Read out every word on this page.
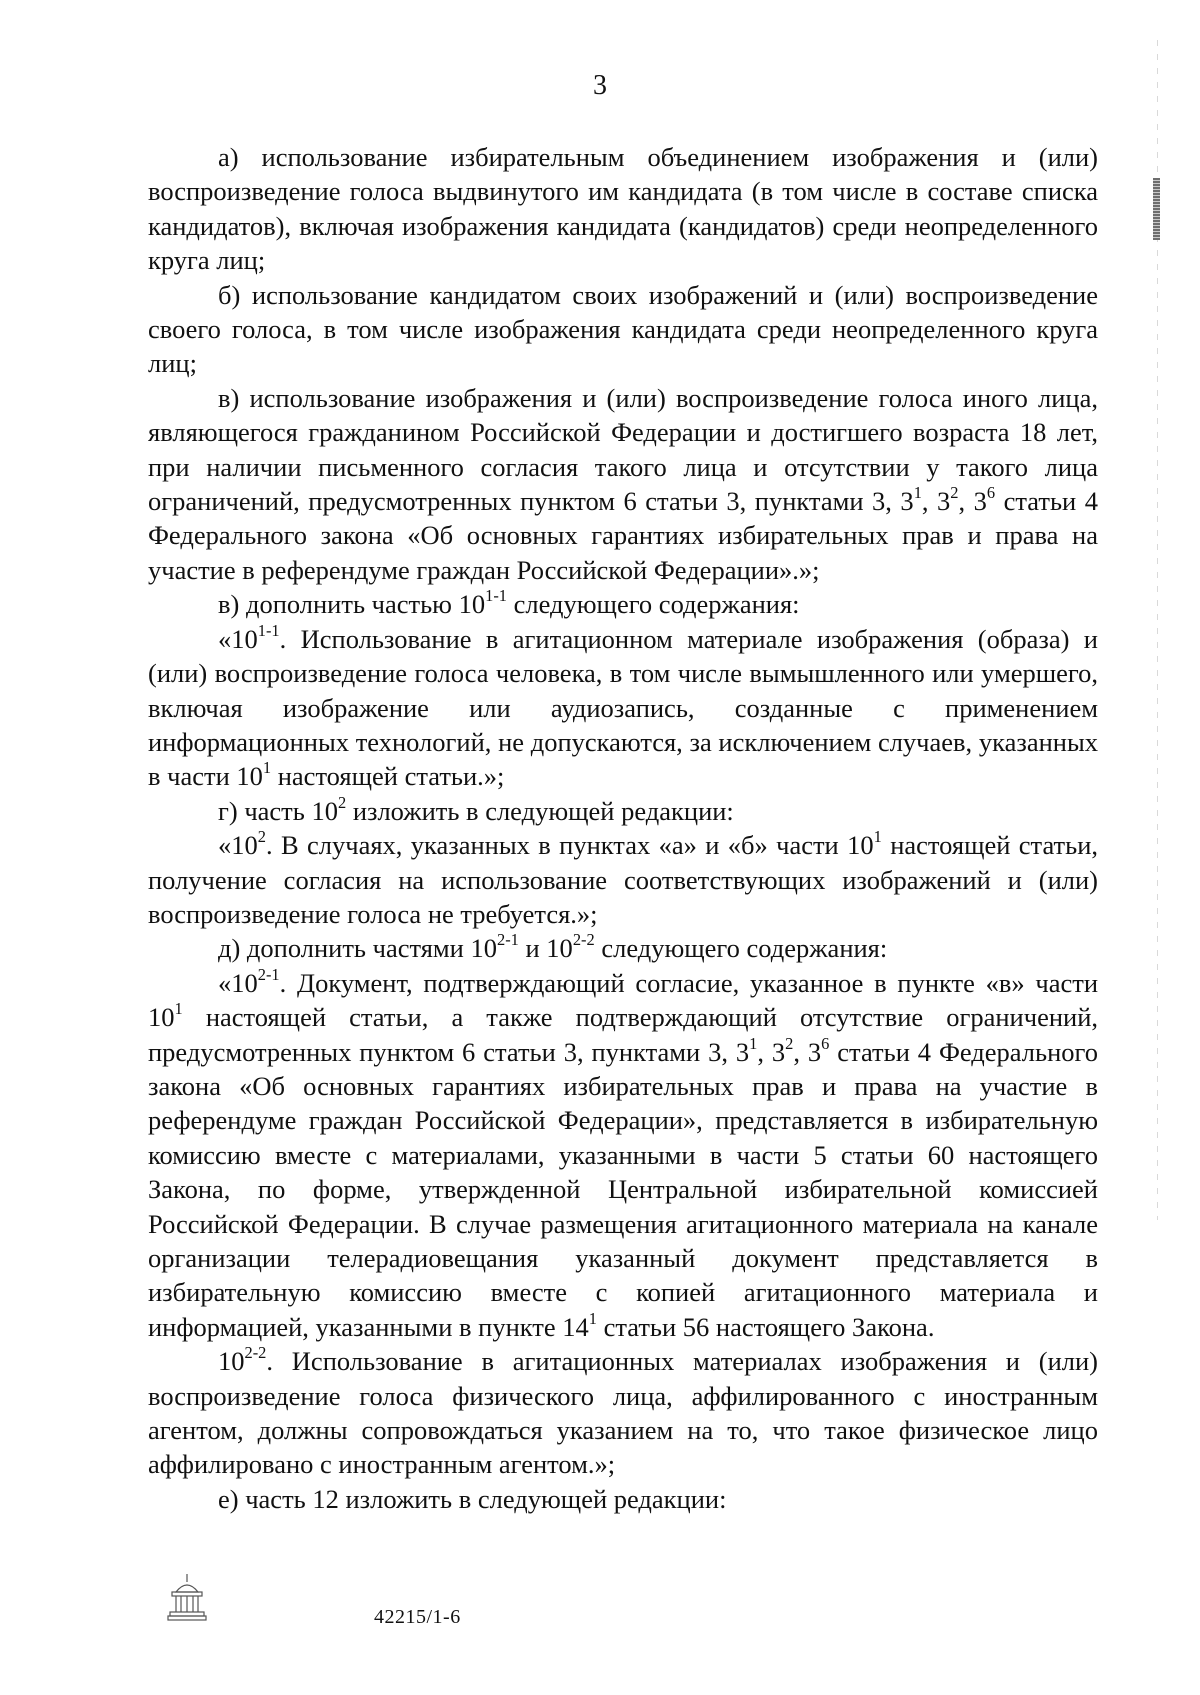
3

а) использование избирательным объединением изображения и (или) воспроизведение голоса выдвинутого им кандидата (в том числе в составе списка кандидатов), включая изображения кандидата (кандидатов) среди неопределенного круга лиц;

б) использование кандидатом своих изображений и (или) воспроизведение своего голоса, в том числе изображения кандидата среди неопределенного круга лиц;

в) использование изображения и (или) воспроизведение голоса иного лица, являющегося гражданином Российской Федерации и достигшего возраста 18 лет, при наличии письменного согласия такого лица и отсутствии у такого лица ограничений, предусмотренных пунктом 6 статьи 3, пунктами 3, $3^1$, $3^2$, $3^6$ статьи 4 Федерального закона «Об основных гарантиях избирательных прав и права на участие в референдуме граждан Российской Федерации».»;

в) дополнить частью 10$^{1-1}$ следующего содержания:

«10$^{1-1}$. Использование в агитационном материале изображения (образа) и (или) воспроизведение голоса человека, в том числе вымышленного или умершего, включая изображение или аудиозапись, созданные с применением информационных технологий, не допускаются, за исключением случаев, указанных в части $10^1$ настоящей статьи.»;

г) часть $10^2$ изложить в следующей редакции:

«$10^2$. В случаях, указанных в пунктах «а» и «б» части $10^1$ настоящей статьи, получение согласия на использование соответствующих изображений и (или) воспроизведение голоса не требуется.»;

д) дополнить частями 10$^{2-1}$ и 10$^{2-2}$ следующего содержания:

«10$^{2-1}$. Документ, подтверждающий согласие, указанное в пункте «в» части $10^1$ настоящей статьи, а также подтверждающий отсутствие ограничений, предусмотренных пунктом 6 статьи 3, пунктами 3, $3^1$, $3^2$, $3^6$ статьи 4 Федерального закона «Об основных гарантиях избирательных прав и права на участие в референдуме граждан Российской Федерации», представляется в избирательную комиссию вместе с материалами, указанными в части 5 статьи 60 настоящего Закона, по форме, утвержденной Центральной избирательной комиссией Российской Федерации. В случае размещения агитационного материала на канале организации телерадиовещания указанный документ представляется в избирательную комиссию вместе с копией агитационного материала и информацией, указанными в пункте $14^1$ статьи 56 настоящего Закона.

10$^{2-2}$. Использование в агитационных материалах изображения и (или) воспроизведение голоса физического лица, аффилированного с иностранным агентом, должны сопровождаться указанием на то, что такое физическое лицо аффилировано с иностранным агентом.»;

е) часть 12 изложить в следующей редакции:

42215/1-6
